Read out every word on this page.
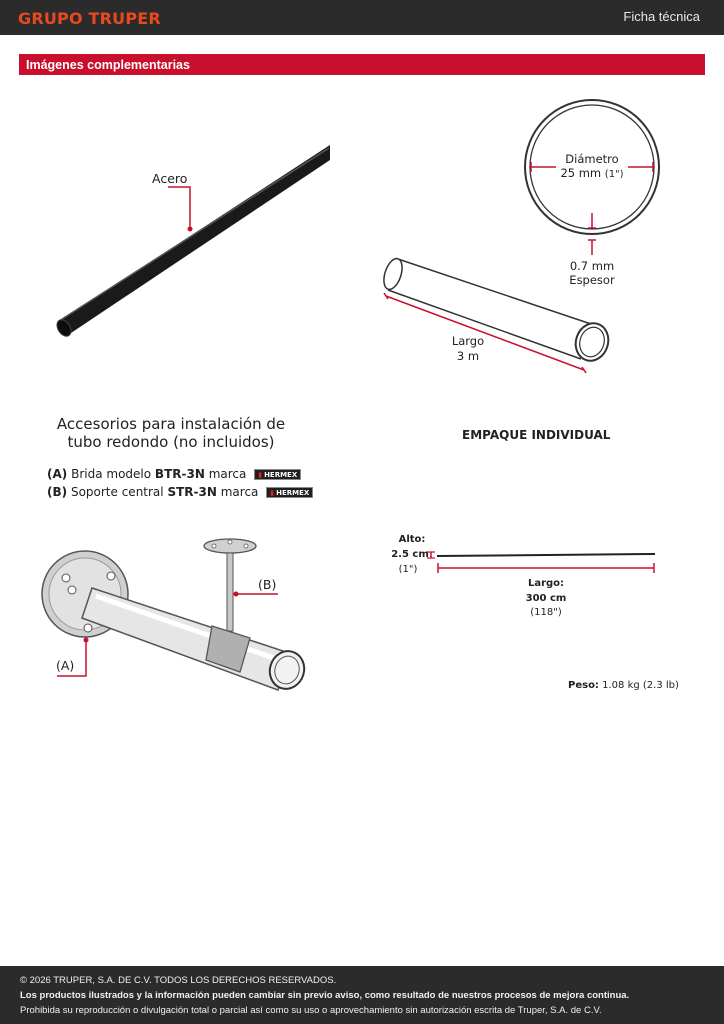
GRUPO TRUPER	Ficha técnica
Imágenes complementarias
Acero
Diámetro
25 mm (1")
0.7 mm
Espesor
Largo
3 m
Accesorios para instalación de
tubo redondo (no incluidos)
(A) Brida modelo BTR-3N marca ▮ HERMEX
(B) Soporte central STR-3N marca ▮ HERMEX
(B)
(A)
EMPAQUE INDIVIDUAL
Alto:
2.5 cm
(1")
Largo:
300 cm
(118")
Peso: 1.08 kg (2.3 lb)
© 2026 TRUPER, S.A. DE C.V. TODOS LOS DERECHOS RESERVADOS.
Los productos ilustrados y la información pueden cambiar sin previo aviso, como resultado de nuestros procesos de mejora continua.
Prohibida su reproducción o divulgación total o parcial así como su uso o aprovechamiento sin autorización escrita de Truper, S.A. de C.V.
